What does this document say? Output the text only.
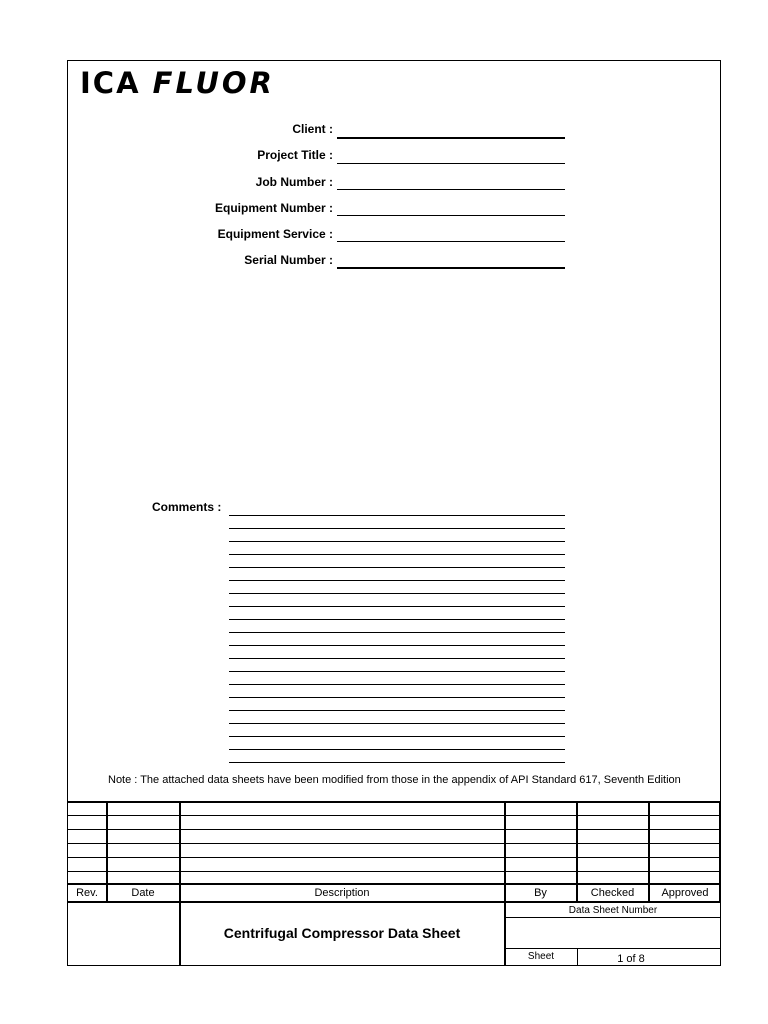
ICA FLUOR
Client :
Project Title :
Job Number :
Equipment Number :
Equipment Service :
Serial Number :
Comments :
Note : The attached data sheets have been modified from those in the appendix of API Standard 617, Seventh Edition
Rev.	Date	Description	By	Checked	Approved
Centrifugal Compressor Data Sheet
Data Sheet Number
Sheet	1 of 8
